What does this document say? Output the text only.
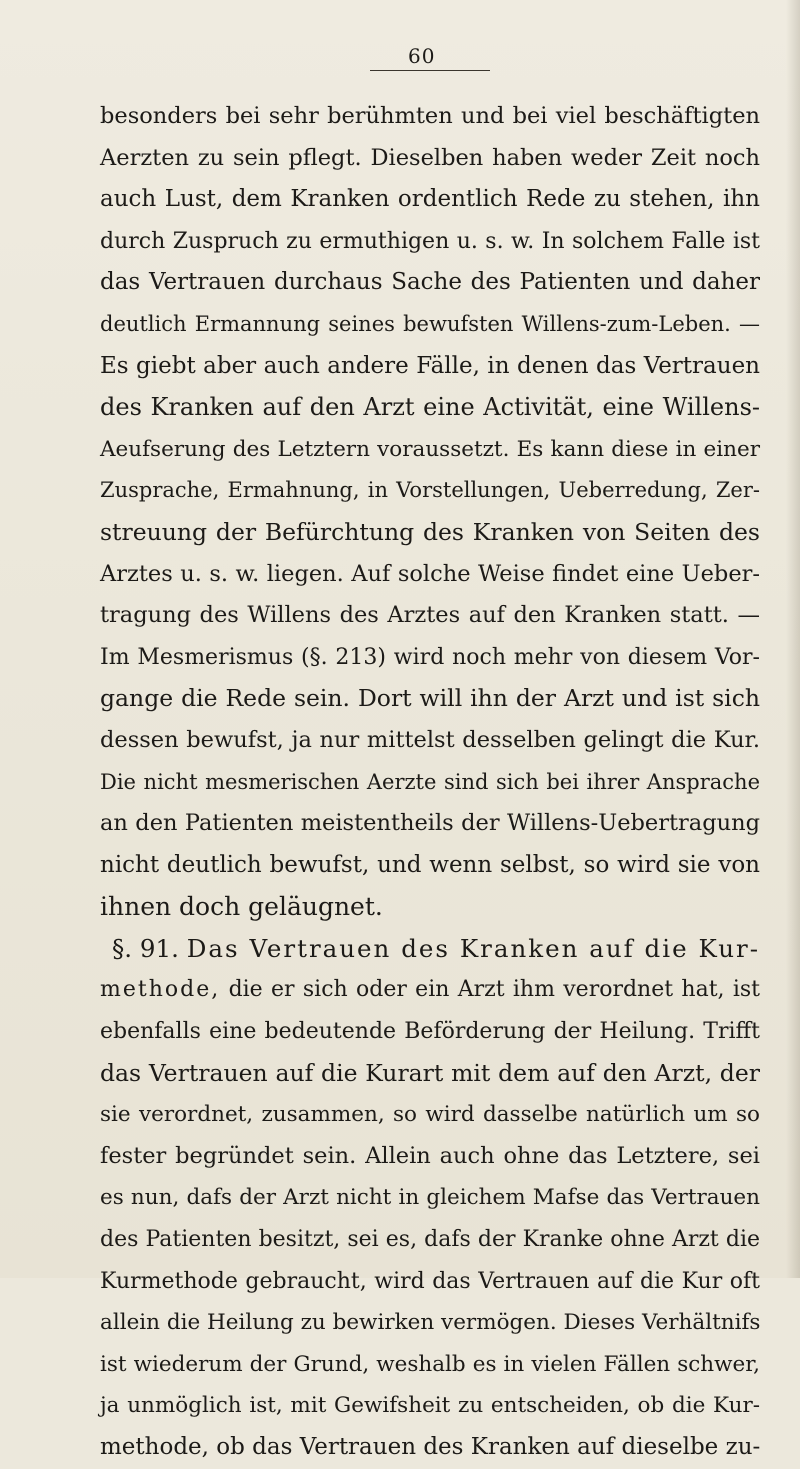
60
besonders bei sehr berühmten und bei viel beschäftigten
Aerzten zu sein pflegt. Dieselben haben weder Zeit noch
auch Lust, dem Kranken ordentlich Rede zu stehen, ihn
durch Zuspruch zu ermuthigen u. s. w. In solchem Falle ist
das Vertrauen durchaus Sache des Patienten und daher
deutlich Ermannung seines bewufsten Willens-zum-Leben. —
Es giebt aber auch andere Fälle, in denen das Vertrauen
des Kranken auf den Arzt eine Activität, eine Willens-
Aeufserung des Letztern voraussetzt. Es kann diese in einer
Zusprache, Ermahnung, in Vorstellungen, Ueberredung, Zer-
streuung der Befürchtung des Kranken von Seiten des
Arztes u. s. w. liegen. Auf solche Weise findet eine Ueber-
tragung des Willens des Arztes auf den Kranken statt. —
Im Mesmerismus (§. 213) wird noch mehr von diesem Vor-
gange die Rede sein. Dort will ihn der Arzt und ist sich
dessen bewufst, ja nur mittelst desselben gelingt die Kur.
Die nicht mesmerischen Aerzte sind sich bei ihrer Ansprache
an den Patienten meistentheils der Willens-Uebertragung
nicht deutlich bewufst, und wenn selbst, so wird sie von
ihnen doch geläugnet.
§. 91. Das Vertrauen des Kranken auf die Kur-
methode, die er sich oder ein Arzt ihm verordnet hat, ist
ebenfalls eine bedeutende Beförderung der Heilung. Trifft
das Vertrauen auf die Kurart mit dem auf den Arzt, der
sie verordnet, zusammen, so wird dasselbe natürlich um so
fester begründet sein. Allein auch ohne das Letztere, sei
es nun, dafs der Arzt nicht in gleichem Mafse das Vertrauen
des Patienten besitzt, sei es, dafs der Kranke ohne Arzt die
Kurmethode gebraucht, wird das Vertrauen auf die Kur oft
allein die Heilung zu bewirken vermögen. Dieses Verhältnifs
ist wiederum der Grund, weshalb es in vielen Fällen schwer,
ja unmöglich ist, mit Gewifsheit zu entscheiden, ob die Kur-
methode, ob das Vertrauen des Kranken auf dieselbe zu-
